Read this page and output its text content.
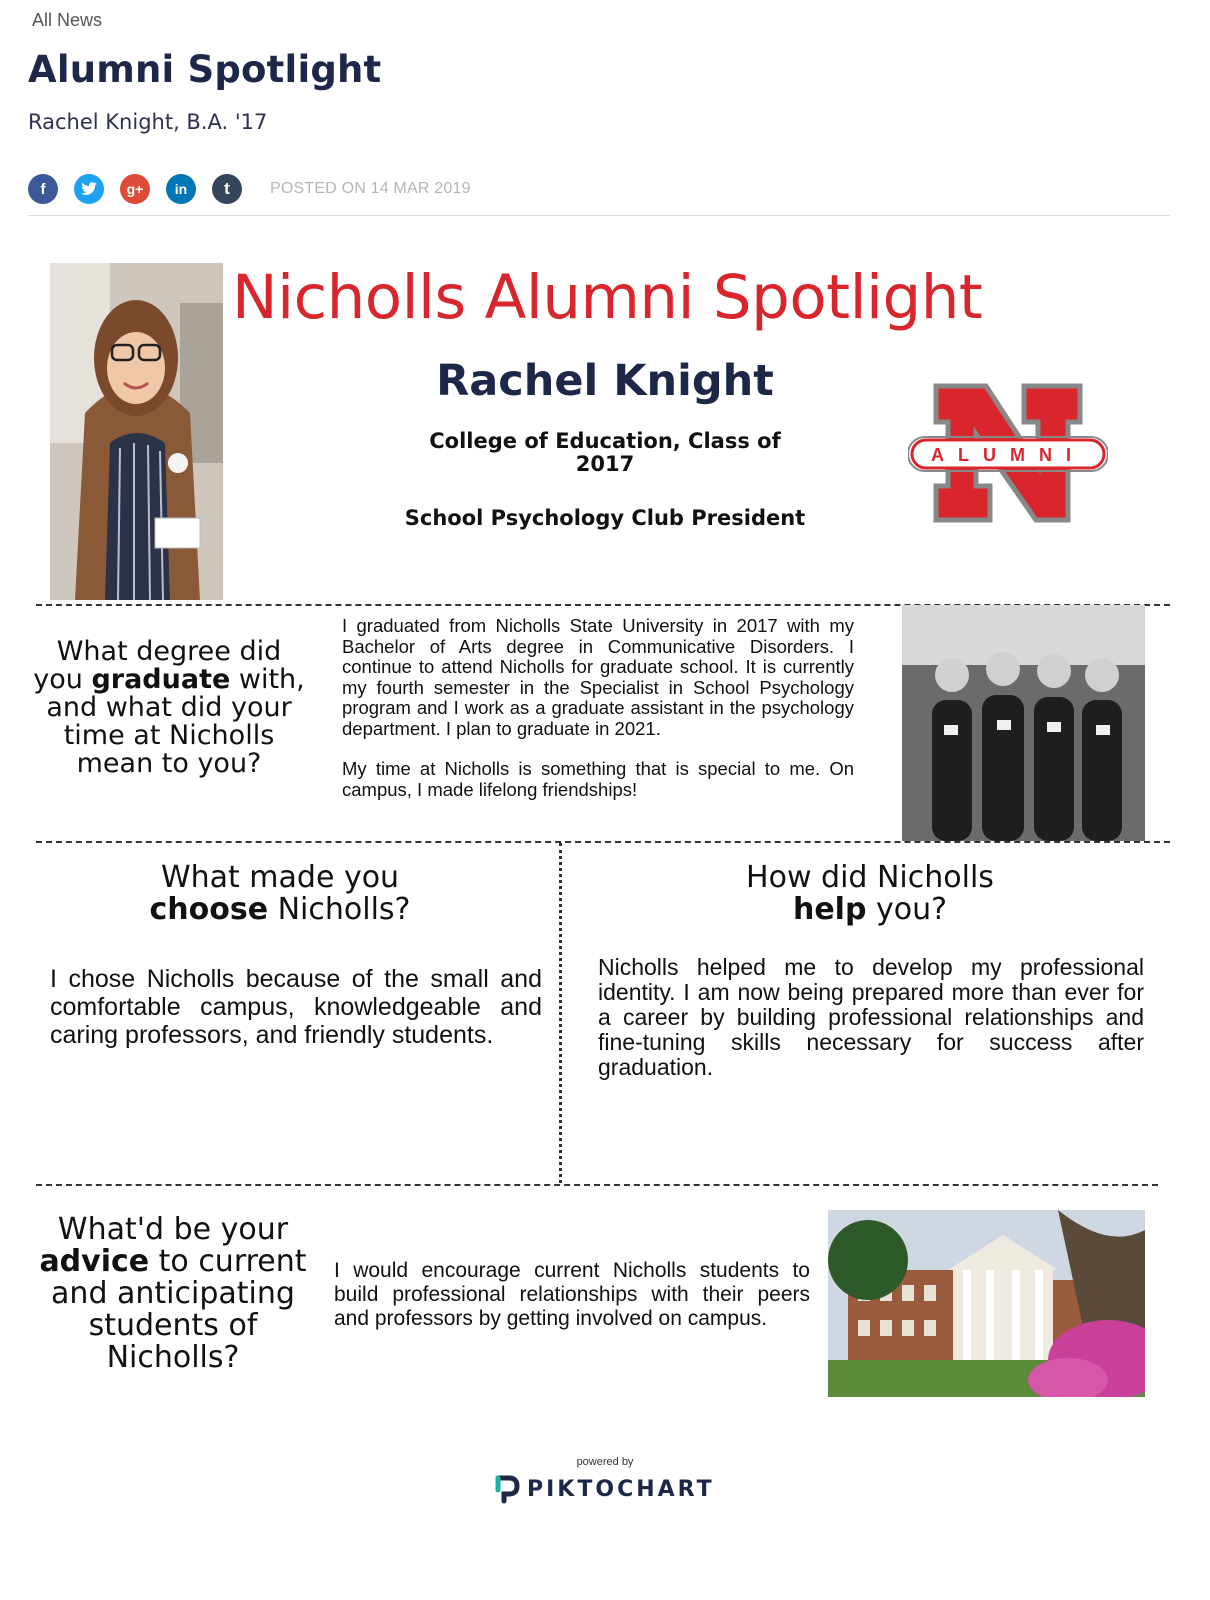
All News
Alumni Spotlight
Rachel Knight, B.A. '17
f	g+	in	t	POSTED ON 14 MAR 2019
Nicholls Alumni Spotlight
Rachel Knight
College of Education, Class of 2017
School Psychology Club President
ALUMNI
What degree did you graduate with, and what did your time at Nicholls mean to you?

I graduated from Nicholls State University in 2017 with my Bachelor of Arts degree in Communicative Disorders. I continue to attend Nicholls for graduate school. It is currently my fourth semester in the Specialist in School Psychology program and I work as a graduate assistant in the psychology department. I plan to graduate in 2021.

My time at Nicholls is something that is special to me. On campus, I made lifelong friendships!

What made you
choose Nicholls?
I chose Nicholls because of the small and comfortable campus, knowledgeable and caring professors, and friendly students.
How did Nicholls
help you?
Nicholls helped me to develop my professional identity. I am now being prepared more than ever for a career by building professional relationships and fine-tuning skills necessary for success after graduation.
What'd be your advice to current and anticipating students of Nicholls?
I would encourage current Nicholls students to build professional relationships with their peers and professors by getting involved on campus.
powered by
PIKTOCHART
